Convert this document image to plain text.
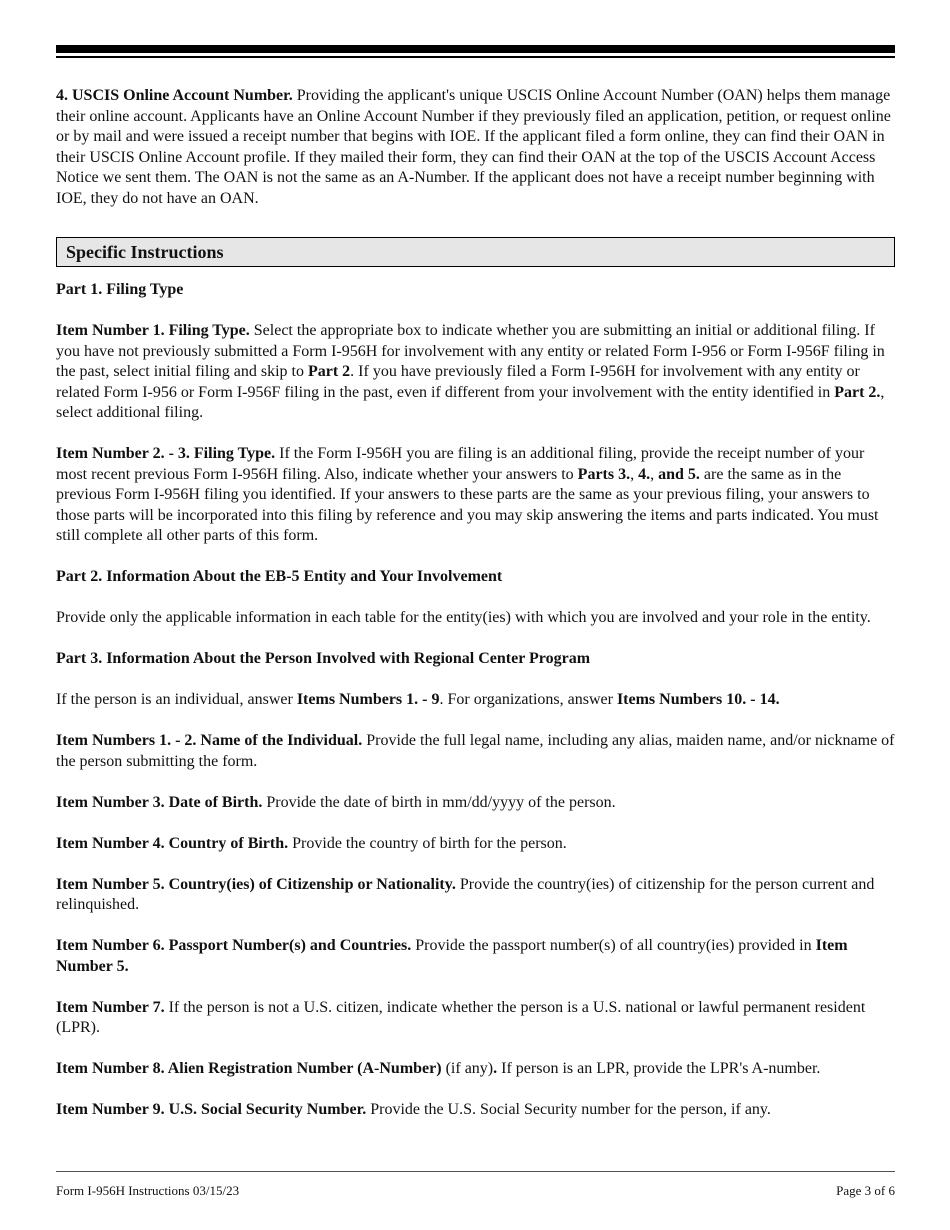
4. USCIS Online Account Number. Providing the applicant's unique USCIS Online Account Number (OAN) helps them manage their online account. Applicants have an Online Account Number if they previously filed an application, petition, or request online or by mail and were issued a receipt number that begins with IOE. If the applicant filed a form online, they can find their OAN in their USCIS Online Account profile. If they mailed their form, they can find their OAN at the top of the USCIS Account Access Notice we sent them. The OAN is not the same as an A-Number. If the applicant does not have a receipt number beginning with IOE, they do not have an OAN.

Specific Instructions
Part 1. Filing Type

Item Number 1. Filing Type. Select the appropriate box to indicate whether you are submitting an initial or additional filing. If you have not previously submitted a Form I-956H for involvement with any entity or related Form I-956 or Form I-956F filing in the past, select initial filing and skip to Part 2. If you have previously filed a Form I-956H for involvement with any entity or related Form I-956 or Form I-956F filing in the past, even if different from your involvement with the entity identified in Part 2., select additional filing.

Item Number 2. - 3. Filing Type. If the Form I-956H you are filing is an additional filing, provide the receipt number of your most recent previous Form I-956H filing. Also, indicate whether your answers to Parts 3., 4., and 5. are the same as in the previous Form I-956H filing you identified. If your answers to these parts are the same as your previous filing, your answers to those parts will be incorporated into this filing by reference and you may skip answering the items and parts indicated. You must still complete all other parts of this form.

Part 2. Information About the EB-5 Entity and Your Involvement

Provide only the applicable information in each table for the entity(ies) with which you are involved and your role in the entity.

Part 3. Information About the Person Involved with Regional Center Program

If the person is an individual, answer Items Numbers 1. - 9. For organizations, answer Items Numbers 10. - 14.

Item Numbers 1. - 2. Name of the Individual. Provide the full legal name, including any alias, maiden name, and/or nickname of the person submitting the form.

Item Number 3. Date of Birth. Provide the date of birth in mm/dd/yyyy of the person.

Item Number 4. Country of Birth. Provide the country of birth for the person.

Item Number 5. Country(ies) of Citizenship or Nationality. Provide the country(ies) of citizenship for the person current and relinquished.

Item Number 6. Passport Number(s) and Countries. Provide the passport number(s) of all country(ies) provided in Item Number 5.

Item Number 7. If the person is not a U.S. citizen, indicate whether the person is a U.S. national or lawful permanent resident (LPR).

Item Number 8. Alien Registration Number (A-Number) (if any). If person is an LPR, provide the LPR's A-number.

Item Number 9. U.S. Social Security Number. Provide the U.S. Social Security number for the person, if any.

Form I-956H Instructions 03/15/23	Page 3 of 6
